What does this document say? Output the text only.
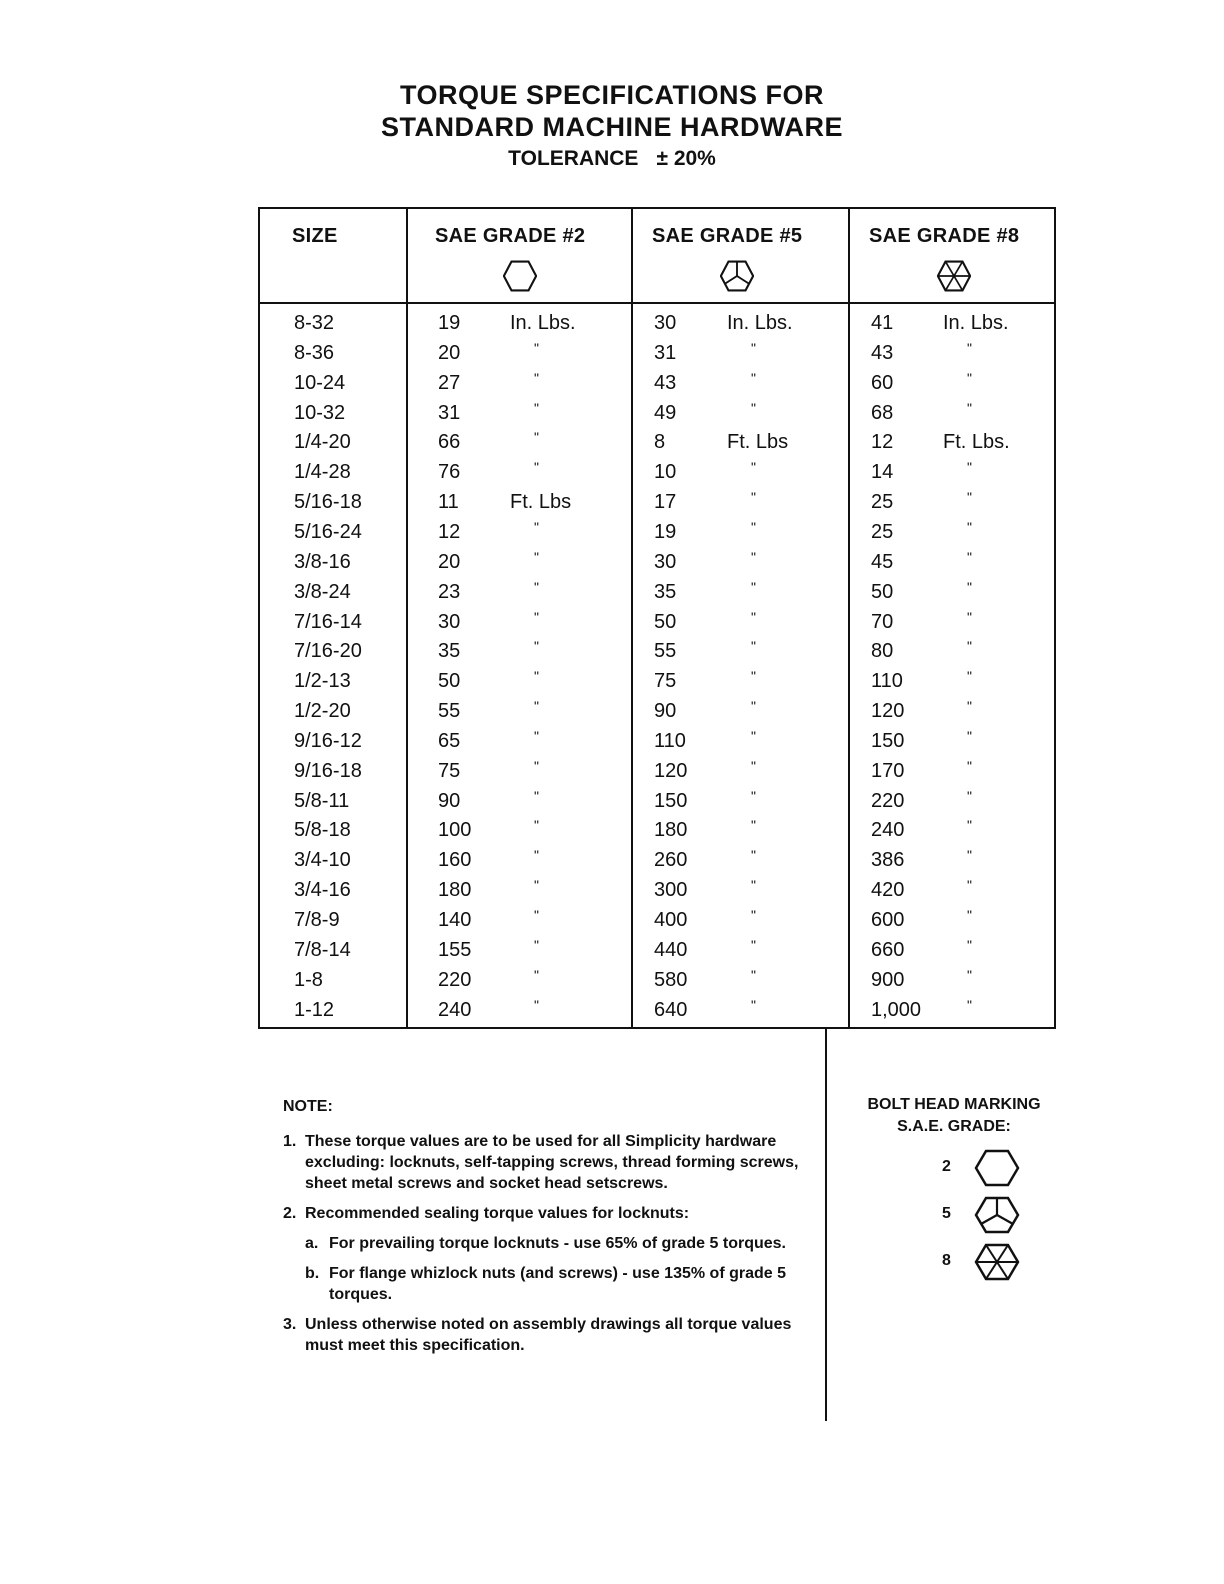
TORQUE SPECIFICATIONS FOR
STANDARD MACHINE HARDWARE
TOLERANCE ± 20%
SIZE	SAE GRADE #2	SAE GRADE #5	SAE GRADE #8
8-32	19 In. Lbs.	30	In. Lbs.	41 In. Lbs.
8-36	20	"	31	"	43	"
10-24	27	"	43	"	60	"
10-32	31	"	49	"	68	"
1/4-20	66	"	8	Ft. Lbs	12 Ft. Lbs.
1/4-28	76	"	10	"	14	"
5/16-18	11	Ft. Lbs	17	"	25	"
5/16-24	12	"	19	"	25	"
3/8-16	20	"	30	"	45	"
3/8-24	23	"	35	"	50	"
7/16-14	30	"	50	"	70	"
7/16-20	35	"	55	"	80	"
1/2-13	50	"	75	"	110	"
1/2-20	55	"	90	"	120	"
9/16-12	65	"	110	"	150	"
9/16-18	75	"	120	"	170	"
5/8-11	90	"	150	"	220	"
5/8-18	100	"	180	"	240	"
3/4-10	160	"	260	"	386	"
3/4-16	180	"	300	"	420	"
7/8-9	140	"	400	"	600	"
7/8-14	155	"	440	"	660	"
1-8	220	"	580	"	900	"
1-12	240	"	640	"	1,000	"
NOTE:
1. These torque values are to be used for all Simplicity hardware excluding: locknuts, self-tapping screws, thread forming screws, sheet metal screws and socket head setscrews.
2. Recommended sealing torque values for locknuts:
a. For prevailing torque locknuts - use 65% of grade 5 torques.
b. For flange whizlock nuts (and screws) - use 135% of grade 5 torques.
3. Unless otherwise noted on assembly drawings all torque values must meet this specification.
BOLT HEAD MARKING
S.A.E. GRADE:
2
5
8
